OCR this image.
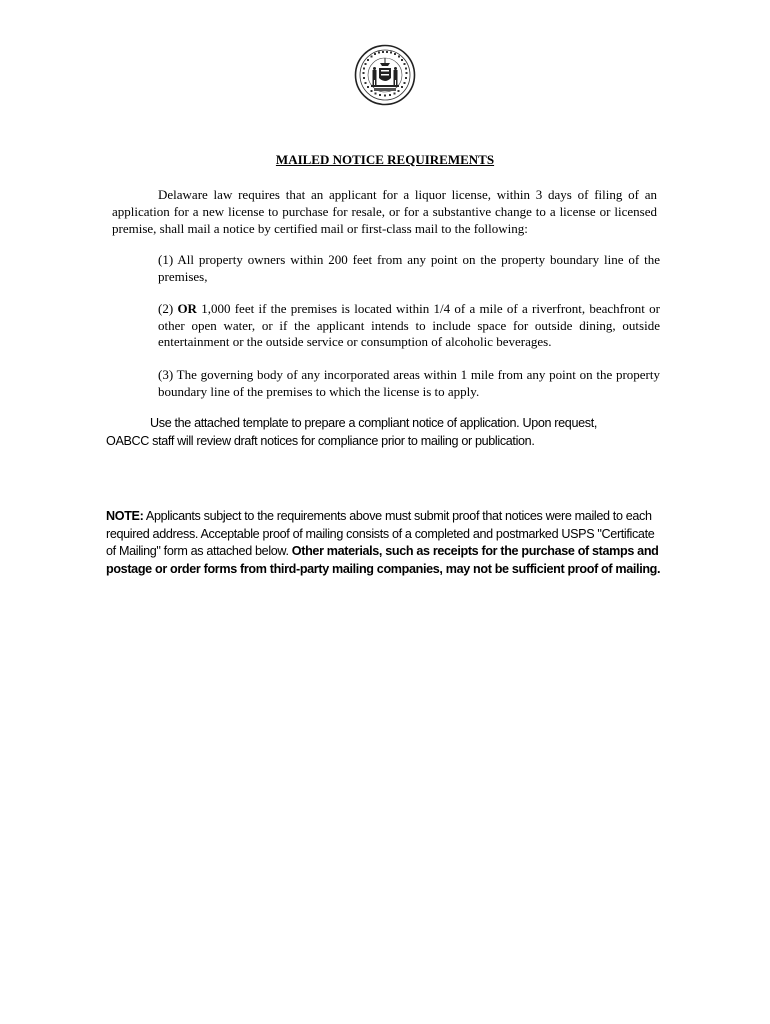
MAILED NOTICE REQUIREMENTS

Delaware law requires that an applicant for a liquor license, within 3 days of filing of an application for a new license to purchase for resale, or for a substantive change to a license or licensed premise, shall mail a notice by certified mail or first-class mail to the following:

(1) All property owners within 200 feet from any point on the property boundary line of the premises,

(2) OR 1,000 feet if the premises is located within 1/4 of a mile of a riverfront, beachfront or other open water, or if the applicant intends to include space for outside dining, outside entertainment or the outside service or consumption of alcoholic beverages.

(3) The governing body of any incorporated areas within 1 mile from any point on the property boundary line of the premises to which the license is to apply.

Use the attached template to prepare a compliant notice of application. Upon request, OABCC staff will review draft notices for compliance prior to mailing or publication.

NOTE: Applicants subject to the requirements above must submit proof that notices were mailed to each required address. Acceptable proof of mailing consists of a completed and postmarked USPS "Certificate of Mailing" form as attached below. Other materials, such as receipts for the purchase of stamps and postage or order forms from third-party mailing companies, may not be sufficient proof of mailing.
